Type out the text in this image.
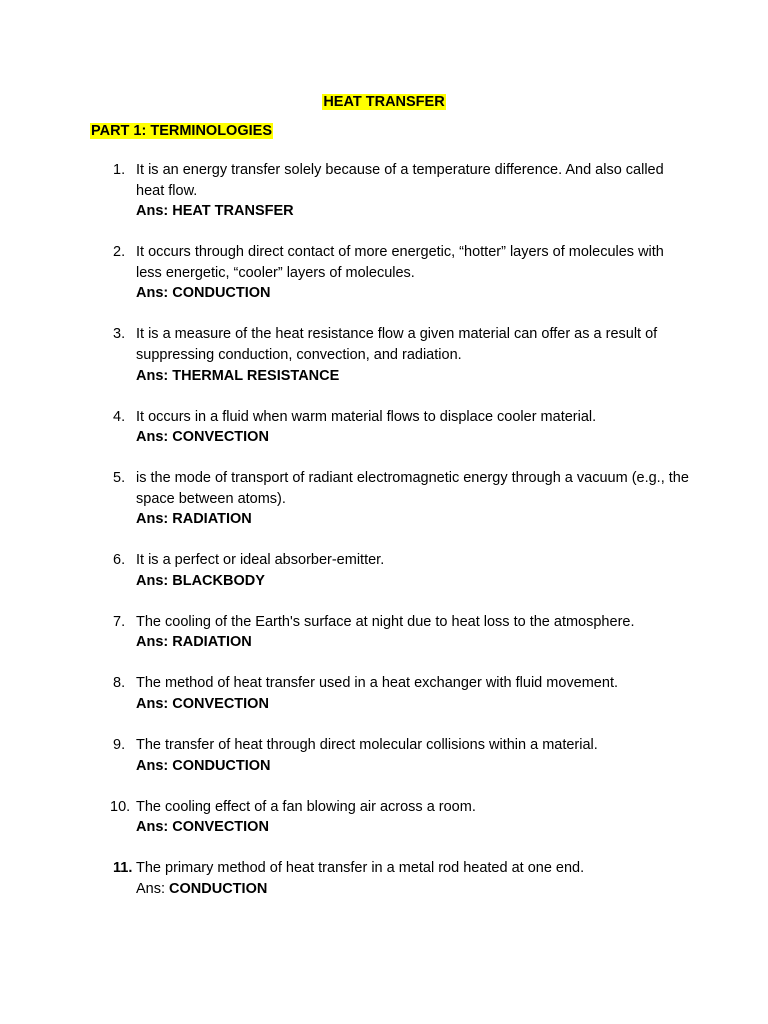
HEAT TRANSFER
PART 1: TERMINOLOGIES
1. It is an energy transfer solely because of a temperature difference. And also called heat flow.
Ans: HEAT TRANSFER
2. It occurs through direct contact of more energetic, “hotter” layers of molecules with less energetic, “cooler” layers of molecules.
Ans: CONDUCTION
3. It is a measure of the heat resistance flow a given material can offer as a result of suppressing conduction, convection, and radiation.
Ans: THERMAL RESISTANCE
4. It occurs in a fluid when warm material flows to displace cooler material.
Ans: CONVECTION
5. is the mode of transport of radiant electromagnetic energy through a vacuum (e.g., the space between atoms).
Ans: RADIATION
6. It is a perfect or ideal absorber-emitter.
Ans: BLACKBODY
7. The cooling of the Earth's surface at night due to heat loss to the atmosphere.
Ans: RADIATION
8. The method of heat transfer used in a heat exchanger with fluid movement.
Ans: CONVECTION
9. The transfer of heat through direct molecular collisions within a material.
Ans: CONDUCTION
10. The cooling effect of a fan blowing air across a room.
Ans: CONVECTION
11. The primary method of heat transfer in a metal rod heated at one end.
Ans: CONDUCTION
